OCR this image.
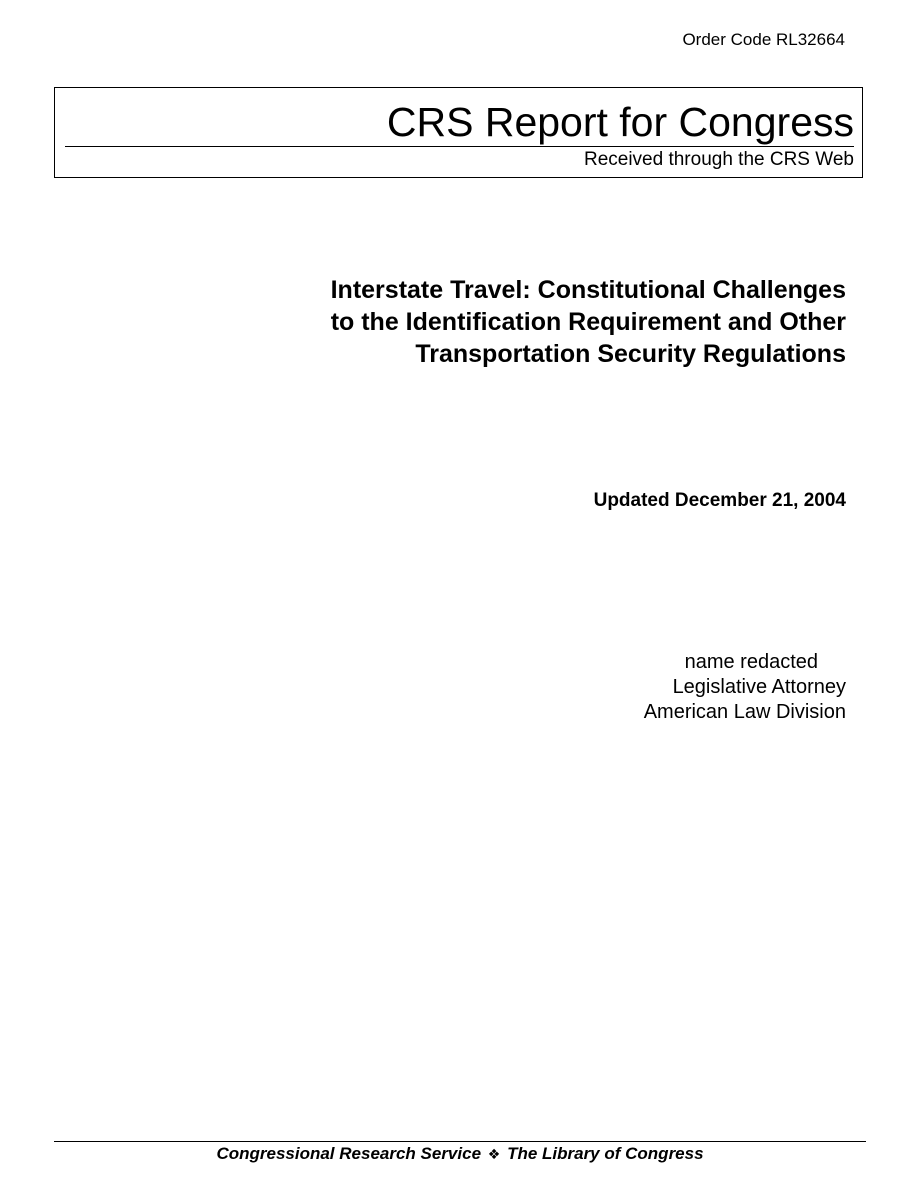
Order Code RL32664
CRS Report for Congress
Received through the CRS Web
Interstate Travel: Constitutional Challenges
to the Identification Requirement and Other
Transportation Security Regulations
Updated December 21, 2004
name redacted
Legislative Attorney
American Law Division
Congressional Research Service ❖ The Library of Congress
